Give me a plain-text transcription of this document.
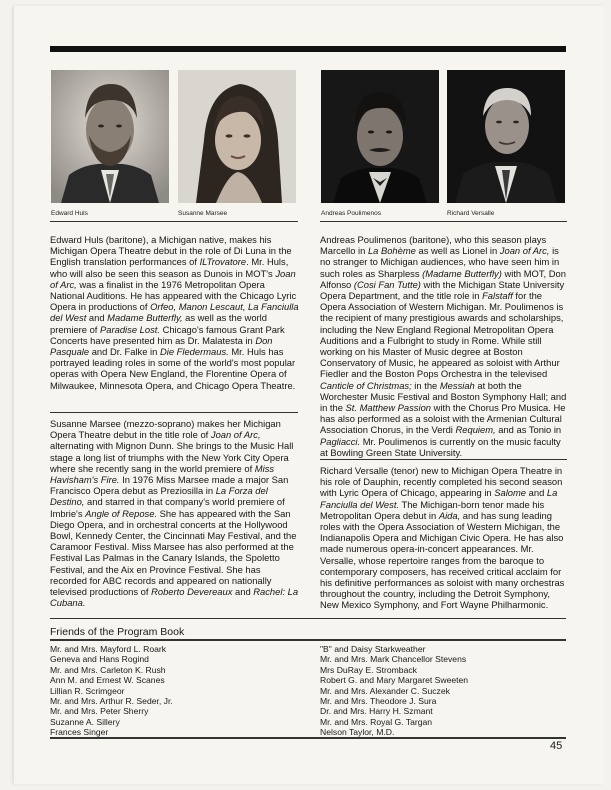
Edward Huls	Susanne Marsee	Andreas Poulimenos	Richard Versalle

Edward Huls (baritone), a Michigan native, makes his Michigan Opera Theatre debut in the role of Di Luna in the English translation performances of ILTrovatore. Mr. Huls, who will also be seen this season as Dunois in MOT's Joan of Arc, was a finalist in the 1976 Metropolitan Opera National Auditions. He has appeared with the Chicago Lyric Opera in productions of Orfeo, Manon Lescaut, La Fanciulla del West and Madame Butterfly, as well as the world premiere of Paradise Lost. Chicago's famous Grant Park Concerts have presented him as Dr. Malatesta in Don Pasquale and Dr. Falke in Die Fledermaus. Mr. Huls has portrayed leading roles in some of the world's most popular operas with Opera New England, the Florentine Opera of Milwaukee, Minnesota Opera, and Chicago Opera Theatre.

Susanne Marsee (mezzo-soprano) makes her Michigan Opera Theatre debut in the title role of Joan of Arc, alternating with Mignon Dunn. She brings to the Music Hall stage a long list of triumphs with the New York City Opera where she recently sang in the world premiere of Miss Havisham's Fire. In 1976 Miss Marsee made a major San Francisco Opera debut as Preziosilla in La Forza del Destino, and starred in that company's world premiere of Imbrie's Angle of Repose. She has appeared with the San Diego Opera, and in orchestral concerts at the Hollywood Bowl, Kennedy Center, the Cincinnati May Festival, and the Caramoor Festival. Miss Marsee has also performed at the Festival Las Palmas in the Canary Islands, the Spoletto Festival, and the Aix en Province Festival. She has recorded for ABC records and appeared on nationally televised productions of Roberto Devereaux and Rachel: La Cubana.

Andreas Poulimenos (baritone), who this season plays Marcello in La Bohème as well as Lionel in Joan of Arc, is no stranger to Michigan audiences, who have seen him in such roles as Sharpless (Madame Butterfly) with MOT, Don Alfonso (Cosi Fan Tutte) with the Michigan State University Opera Department, and the title role in Falstaff for the Opera Association of Western Michigan. Mr. Poulimenos is the recipient of many prestigious awards and scholarships, including the New England Regional Metropolitan Opera Auditions and a Fulbright to study in Rome. While still working on his Master of Music degree at Boston Conservatory of Music, he appeared as soloist with Arthur Fiedler and the Boston Pops Orchestra in the televised Canticle of Christmas; in the Messiah at both the Worchester Music Festival and Boston Symphony Hall; and in the St. Matthew Passion with the Chorus Pro Musica. He has also performed as a soloist with the Armenian Cultural Association Chorus, in the Verdi Requiem, and as Tonio in Pagliacci. Mr. Poulimenos is currently on the music faculty at Bowling Green State University.

Richard Versalle (tenor) new to Michigan Opera Theatre in his role of Dauphin, recently completed his second season with Lyric Opera of Chicago, appearing in Salome and La Fanciulla del West. The Michigan-born tenor made his Metropolitan Opera debut in Aida, and has sung leading roles with the Opera Association of Western Michigan, the Indianapolis Opera and Michigan Civic Opera. He has also made numerous opera-in-concert appearances. Mr. Versalle, whose repertoire ranges from the baroque to contemporary composers, has received critical acclaim for his definitive performances as soloist with many orchestras throughout the country, including the Detroit Symphony, New Mexico Symphony, and Fort Wayne Philharmonic.

Friends of the Program Book
Mr. and Mrs. Mayford L. Roark
Geneva and Hans Rogind
Mr. and Mrs. Carleton K. Rush
Ann M. and Ernest W. Scanes
Lillian R. Scrimgeor
Mr. and Mrs. Arthur R. Seder, Jr.
Mr. and Mrs. Peter Sherry
Suzanne A. Sillery
Frances Singer
"B" and Daisy Starkweather
Mr. and Mrs. Mark Chancellor Stevens
Mrs DuRay E. Stromback
Robert G. and Mary Margaret Sweeten
Mr. and Mrs. Alexander C. Suczek
Mr. and Mrs. Theodore J. Sura
Dr. and Mrs. Harry H. Szmant
Mr. and Mrs. Royal G. Targan
Nelson Taylor, M.D.
45
